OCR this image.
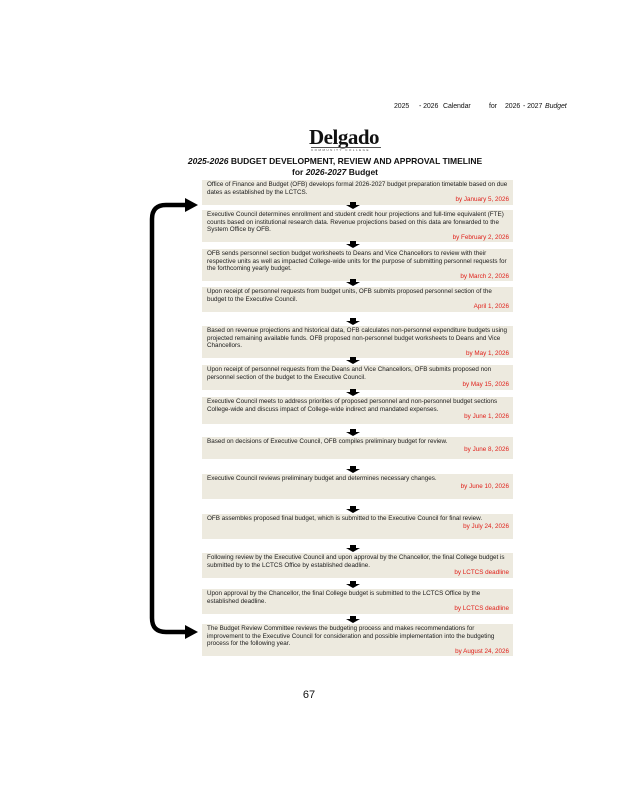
2025	- 2026 Calendar	for	2026 - 2027 Budget
Delgado
COMMUNITY COLLEGE
2025-2026 BUDGET DEVELOPMENT, REVIEW AND APPROVAL TIMELINE
for 2026-2027 Budget
Office of Finance and Budget (OFB) develops formal 2026-2027 budget preparation timetable based on due dates as established by the LCTCS.
by January 5, 2026
Executive Council determines enrollment and student credit hour projections and full-time equivalent (FTE) counts based on institutional research data. Revenue projections based on this data are forwarded to the System Office by OFB.
by February 2, 2026
OFB sends personnel section budget worksheets to Deans and Vice Chancellors to review with their respective units as well as impacted College-wide units for the purpose of submitting personnel requests for the forthcoming yearly budget.
by March 2, 2026
Upon receipt of personnel requests from budget units, OFB submits proposed personnel section of the budget to the Executive Council.
April 1, 2026
Based on revenue projections and historical data, OFB calculates non-personnel expenditure budgets using projected remaining available funds. OFB proposed non-personnel budget worksheets to Deans and Vice Chancellors.
by May 1, 2026
Upon receipt of personnel requests from the Deans and Vice Chancellors, OFB submits proposed non personnel section of the budget to the Executive Council.
by May 15, 2026
Executive Council meets to address priorities of proposed personnel and non-personnel budget sections College-wide and discuss impact of College-wide indirect and mandated expenses.
by June 1, 2026
Based on decisions of Executive Council, OFB compiles preliminary budget for review.
by June 8, 2026
Executive Council reviews preliminary budget and determines necessary changes.
by June 10, 2026
OFB assembles proposed final budget, which is submitted to the Executive Council for final review.
by July 24, 2026
Following review by the Executive Council and upon approval by the Chancellor, the final College budget is submitted by to the LCTCS Office by established deadline.
by LCTCS deadline
Upon approval by the Chancellor, the final College budget is submitted to the LCTCS Office by the established deadline.
by LCTCS deadline
The Budget Review Committee reviews the budgeting process and makes recommendations for improvement to the Executive Council for consideration and possible implementation into the budgeting process for the following year.
by August 24, 2026
67
